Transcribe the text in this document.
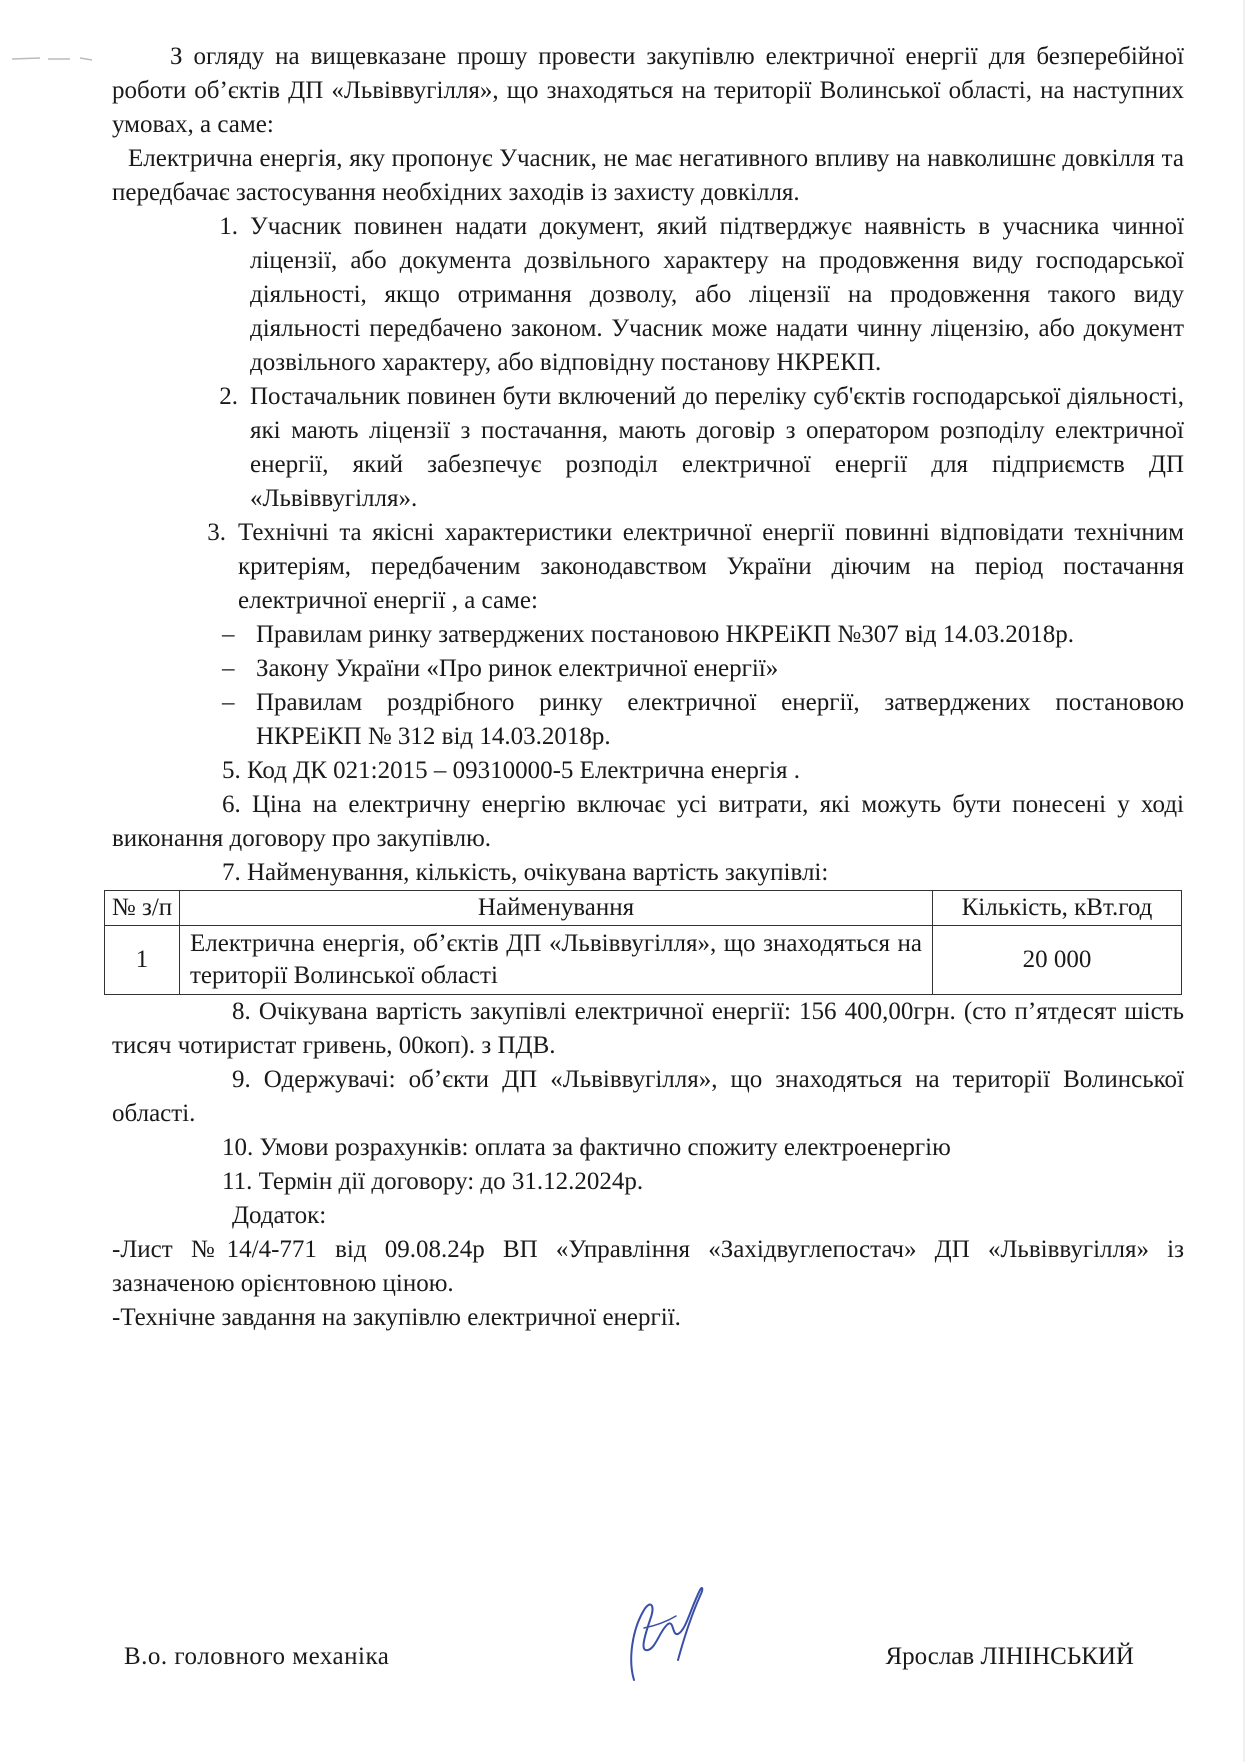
З огляду на вищевказане прошу провести закупівлю електричної енергії для безперебійної роботи об’єктів ДП «Львіввугілля», що знаходяться на території Волинської області, на наступних умовах, а саме:

Електрична енергія, яку пропонує Учасник, не має негативного впливу на навколишнє довкілля та передбачає застосування необхідних заходів із захисту довкілля.

1. Учасник повинен надати документ, який підтверджує наявність в учасника чинної ліцензії, або документа дозвільного характеру на продовження виду господарської діяльності, якщо отримання дозволу, або ліцензії на продовження такого виду діяльності передбачено законом. Учасник може надати чинну ліцензію, або документ дозвільного характеру, або відповідну постанову НКРЕКП.
2. Постачальник повинен бути включений до переліку суб'єктів господарської діяльності, які мають ліцензії з постачання, мають договір з оператором розподілу електричної енергії, який забезпечує розподіл електричної енергії для підприємств ДП «Львіввугілля».
3. Технічні та якісні характеристики електричної енергії повинні відповідати технічним критеріям, передбаченим законодавством України діючим на період постачання електричної енергії , а саме:
– Правилам ринку затверджених постановою НКРЕіКП №307 від 14.03.2018р.
– Закону України «Про ринок електричної енергії»
– Правилам роздрібного ринку електричної енергії, затверджених постановою НКРЕіКП № 312 від 14.03.2018р.

5. Код ДК 021:2015 – 09310000-5 Електрична енергія .

6. Ціна на електричну енергію включає усі витрати, які можуть бути понесені у ході виконання договору про закупівлю.

7. Найменування, кількість, очікувана вартість закупівлі:

№ з/п	Найменування	Кількість, кВт.год
1	Електрична енергія, об’єктів ДП «Львіввугілля», що знаходяться на території Волинської області	20 000

8. Очікувана вартість закупівлі електричної енергії: 156 400,00грн. (сто п’ятдесят шість тисяч чотиристат гривень, 00коп). з ПДВ.

9. Одержувачі: об’єкти ДП «Львіввугілля», що знаходяться на території Волинської області.

10. Умови розрахунків: оплата за фактично спожиту електроенергію

11. Термін дії договору: до 31.12.2024р.

Додаток:

-Лист №14/4-771 від 09.08.24р ВП «Управління «Західвуглепостач» ДП «Львіввугілля» із зазначеною орієнтовною ціною.

-Технічне завдання на закупівлю електричної енергії.

В.о. головного механіка	Ярослав ЛІНІНСЬКИЙ
